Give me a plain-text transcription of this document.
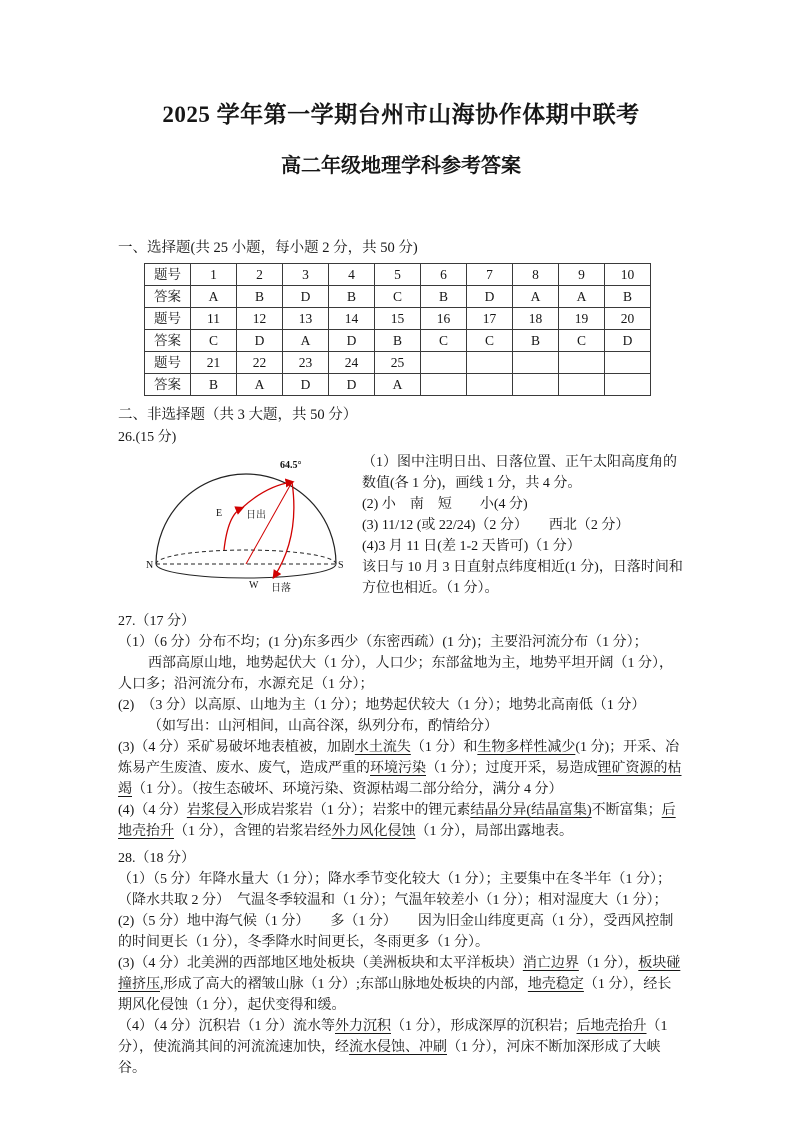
2025 学年第一学期台州市山海协作体期中联考
高二年级地理学科参考答案

一、选择题(共 25 小题，每小题 2 分，共 50 分)

题号	1	2	3	4	5	6	7	8	9	10
答案	A	B	D	B	C	B	D	A	A	B
题号	11	12	13	14	15	16	17	18	19	20
答案	C	D	A	D	B	C	C	B	C	D
题号	21	22	23	24	25					
答案	B	A	D	D	A					

二、非选择题（共 3 大题，共 50 分）

26.(15 分)

64.5°
E 日出
W 日落
N	S

（1）图中注明日出、日落位置、正午太阳高度角的数值(各 1 分)，画线 1 分，共 4 分。

(2) 小　南　短　　小(4 分)

(3) 11/12 (或 22/24)（2 分）　　西北（2 分）

(4)3 月 11 日(差 1-2 天皆可)（1 分）

该日与 10 月 3 日直射点纬度相近(1 分)，日落时间和方位也相近。（1 分）。

27.（17 分）

（1）（6 分）分布不均；(1 分)东多西少（东密西疏）(1 分)；主要沿河流分布（1 分）；

西部高原山地，地势起伏大（1 分），人口少；东部盆地为主，地势平坦开阔（1 分），人口多；沿河流分布，水源充足（1 分）；

(2)　（3 分）以高原、山地为主（1 分）；地势起伏较大（1 分）；地势北高南低（1 分）

（如写出：山河相间，山高谷深，纵列分布，酌情给分）

(3)（4 分）采矿易破坏地表植被，加剧水土流失（1 分）和生物多样性减少(1 分)；开采、冶炼易产生废渣、废水、废气，造成严重的环境污染（1 分）；过度开采，易造成锂矿资源的枯竭（1 分）。（按生态破坏、环境污染、资源枯竭二部分给分，满分 4 分）

(4)（4 分）岩浆侵入形成岩浆岩（1 分）；岩浆中的锂元素结晶分异(结晶富集)不断富集；后地壳抬升（1 分），含锂的岩浆岩经外力风化侵蚀（1 分），局部出露地表。

28.（18 分）

（1）（5 分）年降水量大（1 分）；降水季节变化较大（1 分）；主要集中在冬半年（1 分）；（降水共取 2 分）　气温冬季较温和（1 分）；气温年较差小（1 分）；相对湿度大（1 分）；

(2)（5 分）地中海气候（1 分）　　多（1 分）　　因为旧金山纬度更高（1 分），受西风控制的时间更长（1 分），冬季降水时间更长，冬雨更多（1 分）。

(3)（4 分）北美洲的西部地区地处板块（美洲板块和太平洋板块）消亡边界（1 分），板块碰撞挤压,形成了高大的褶皱山脉（1 分）;东部山脉地处板块的内部，地壳稳定（1 分），经长期风化侵蚀（1 分），起伏变得和缓。

（4）（4 分）沉积岩（1 分）流水等外力沉积（1 分），形成深厚的沉积岩；后地壳抬升（1 分），使流淌其间的河流流速加快，经流水侵蚀、冲刷（1 分），河床不断加深形成了大峡谷。
